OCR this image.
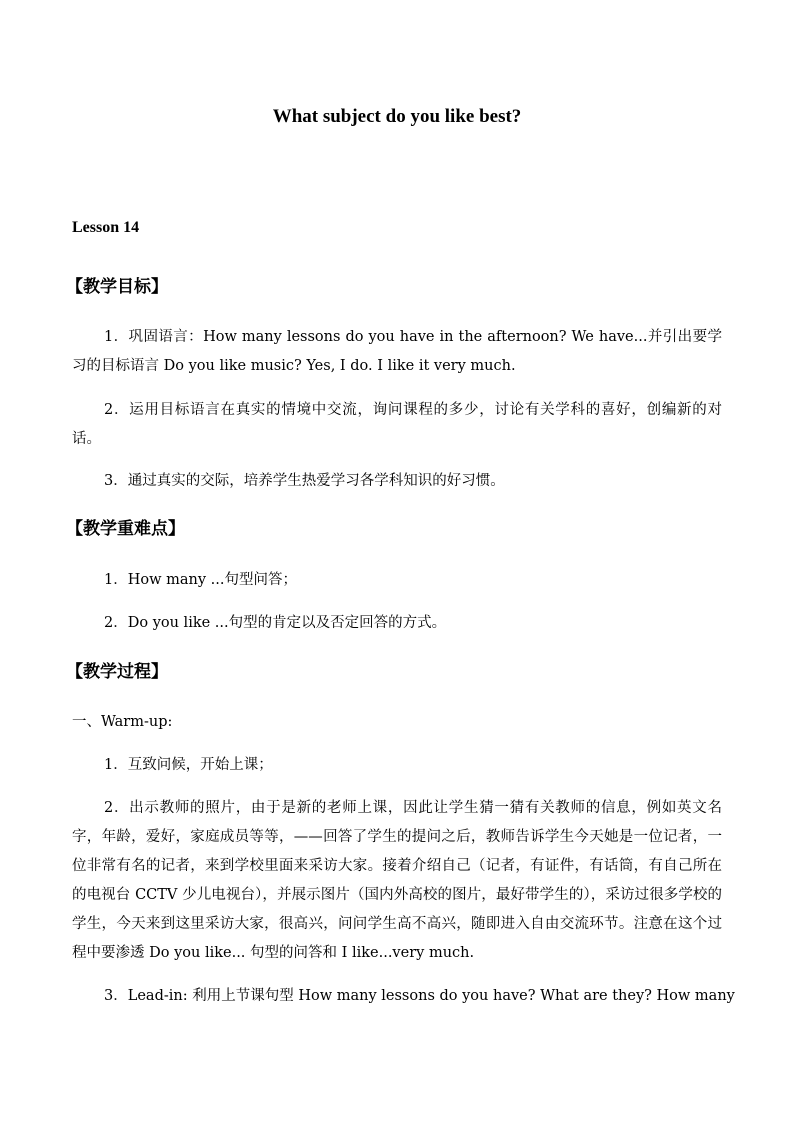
What subject do you like best?
Lesson 14
【教学目标】
1．巩固语言：How many lessons do you have in the afternoon? We have...并引出要学习的目标语言 Do you like music? Yes, I do. I like it very much.
2．运用目标语言在真实的情境中交流，询问课程的多少，讨论有关学科的喜好，创编新的对话。
3．通过真实的交际，培养学生热爱学习各学科知识的好习惯。
【教学重难点】
1．How many ...句型问答；
2．Do you like ...句型的肯定以及否定回答的方式。
【教学过程】
一、Warm-up:
1．互致问候，开始上课；
2．出示教师的照片，由于是新的老师上课，因此让学生猜一猜有关教师的信息，例如英文名字，年龄，爱好，家庭成员等等，——回答了学生的提问之后，教师告诉学生今天她是一位记者，一位非常有名的记者，来到学校里面来采访大家。接着介绍自己（记者，有证件，有话筒，有自己所在的电视台 CCTV 少儿电视台），并展示图片（国内外高校的图片，最好带学生的），采访过很多学校的学生，今天来到这里采访大家，很高兴，问问学生高不高兴，随即进入自由交流环节。注意在这个过程中要渗透 Do you like... 句型的问答和 I like...very much.
3．Lead-in: 利用上节课句型 How many lessons do you have? What are they? How many
